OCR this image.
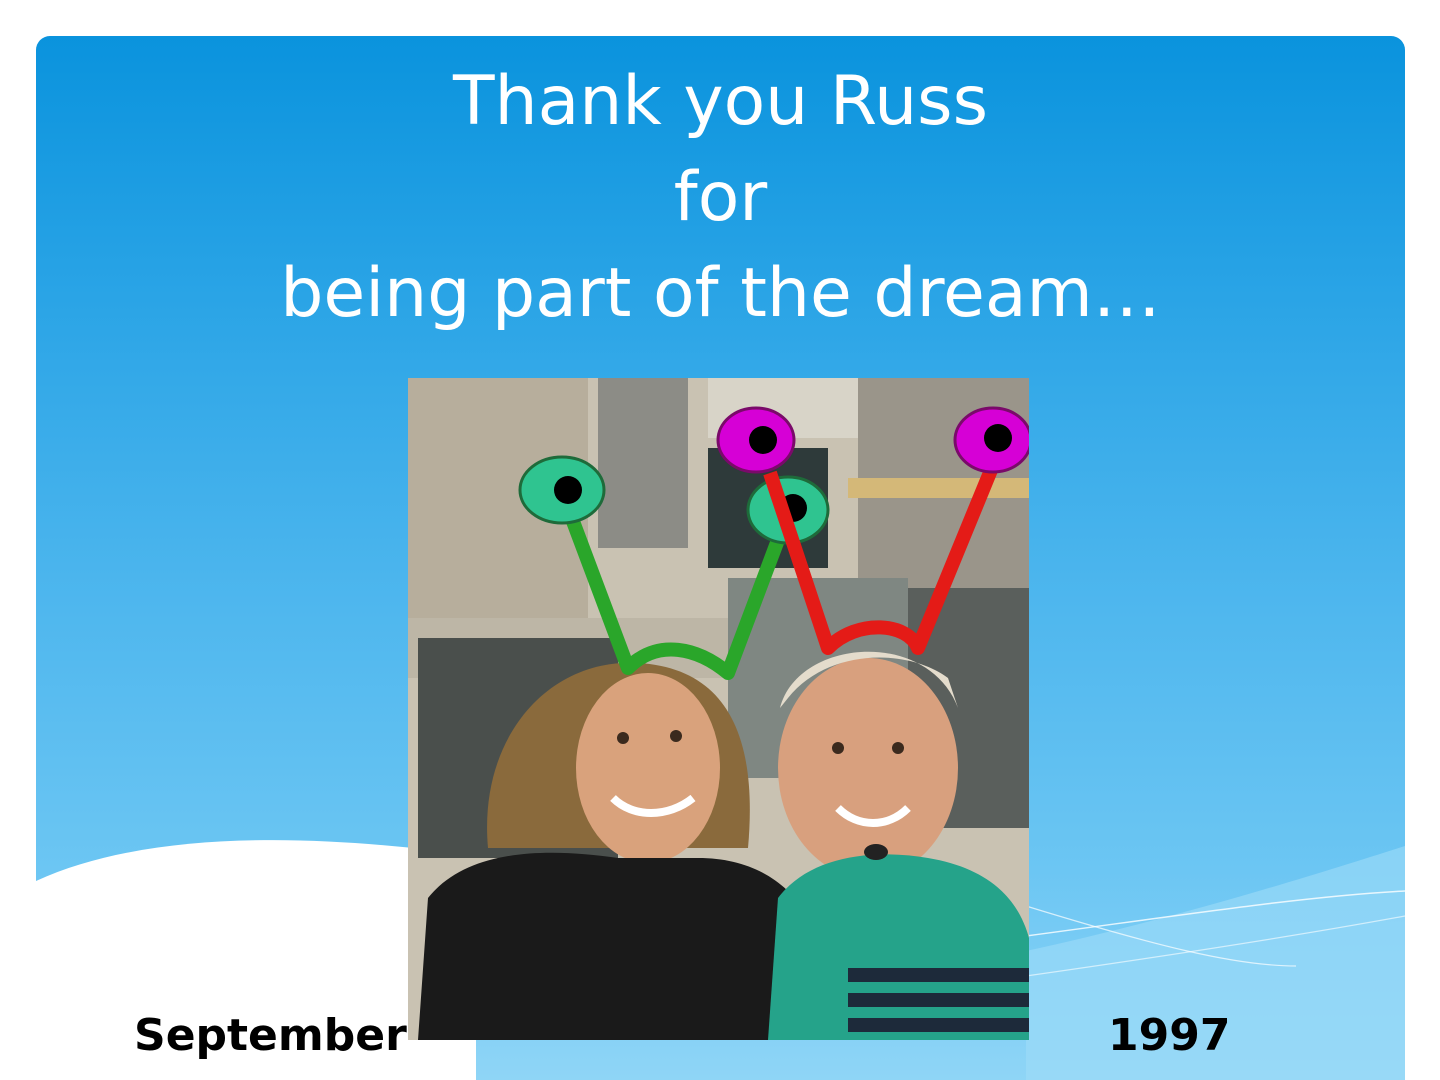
Thank you Russ
for
being part of the dream…
September	1997
